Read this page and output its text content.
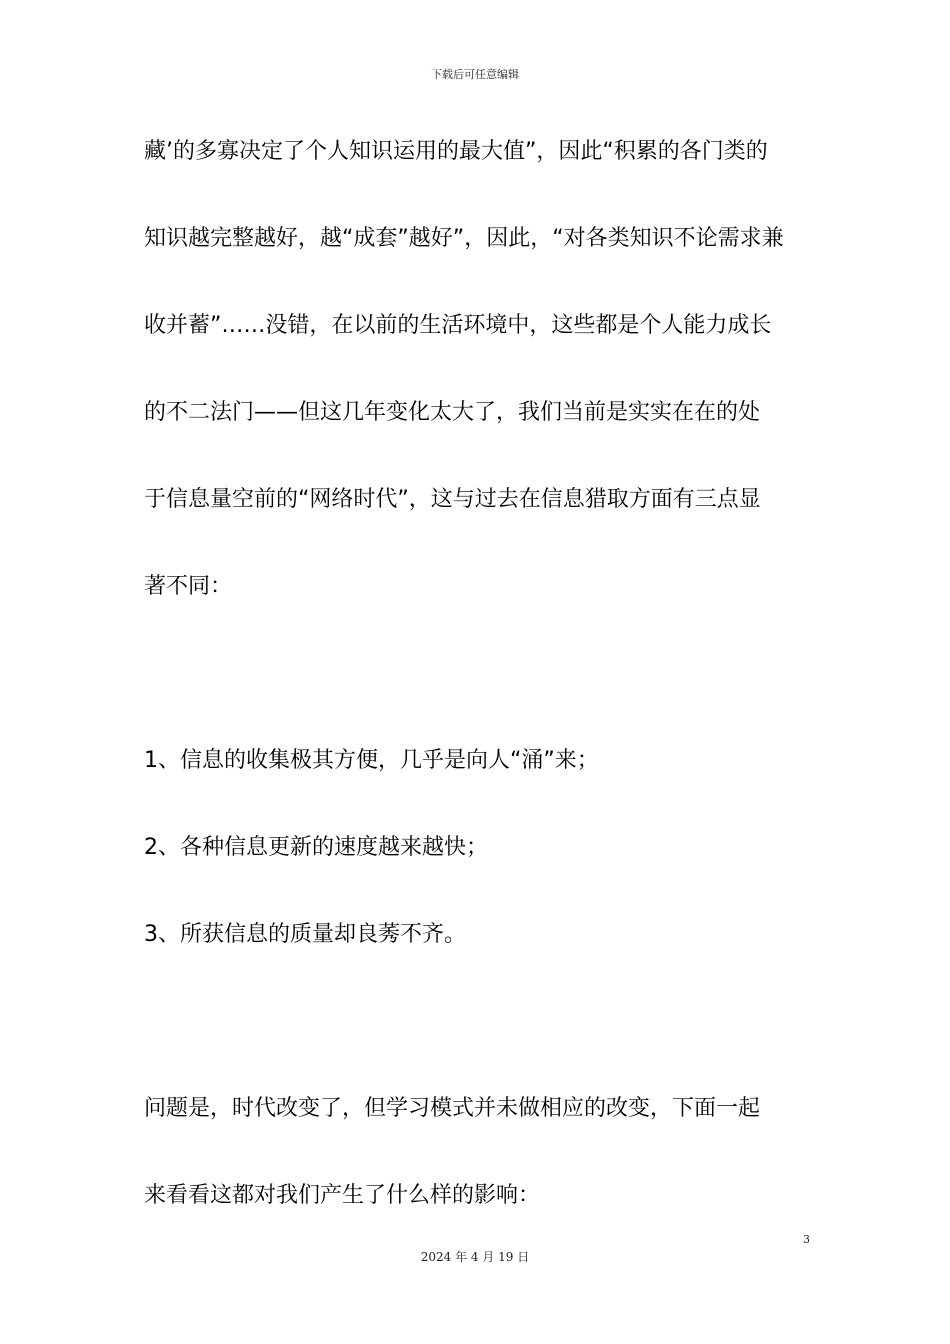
下载后可任意编辑
藏’的多寡决定了个人知识运用的最大值”，因此“积累的各门类的
知识越完整越好，越“成套”越好”，因此，“对各类知识不论需求兼
收并蓄”……没错，在以前的生活环境中，这些都是个人能力成长
的不二法门——但这几年变化太大了，我们当前是实实在在的处
于信息量空前的“网络时代”，这与过去在信息猎取方面有三点显
著不同：
1、信息的收集极其方便，几乎是向人“涌”来；
2、各种信息更新的速度越来越快；
3、所获信息的质量却良莠不齐。
问题是，时代改变了，但学习模式并未做相应的改变，下面一起
来看看这都对我们产生了什么样的影响：
3
2024 年 4 月 19 日
